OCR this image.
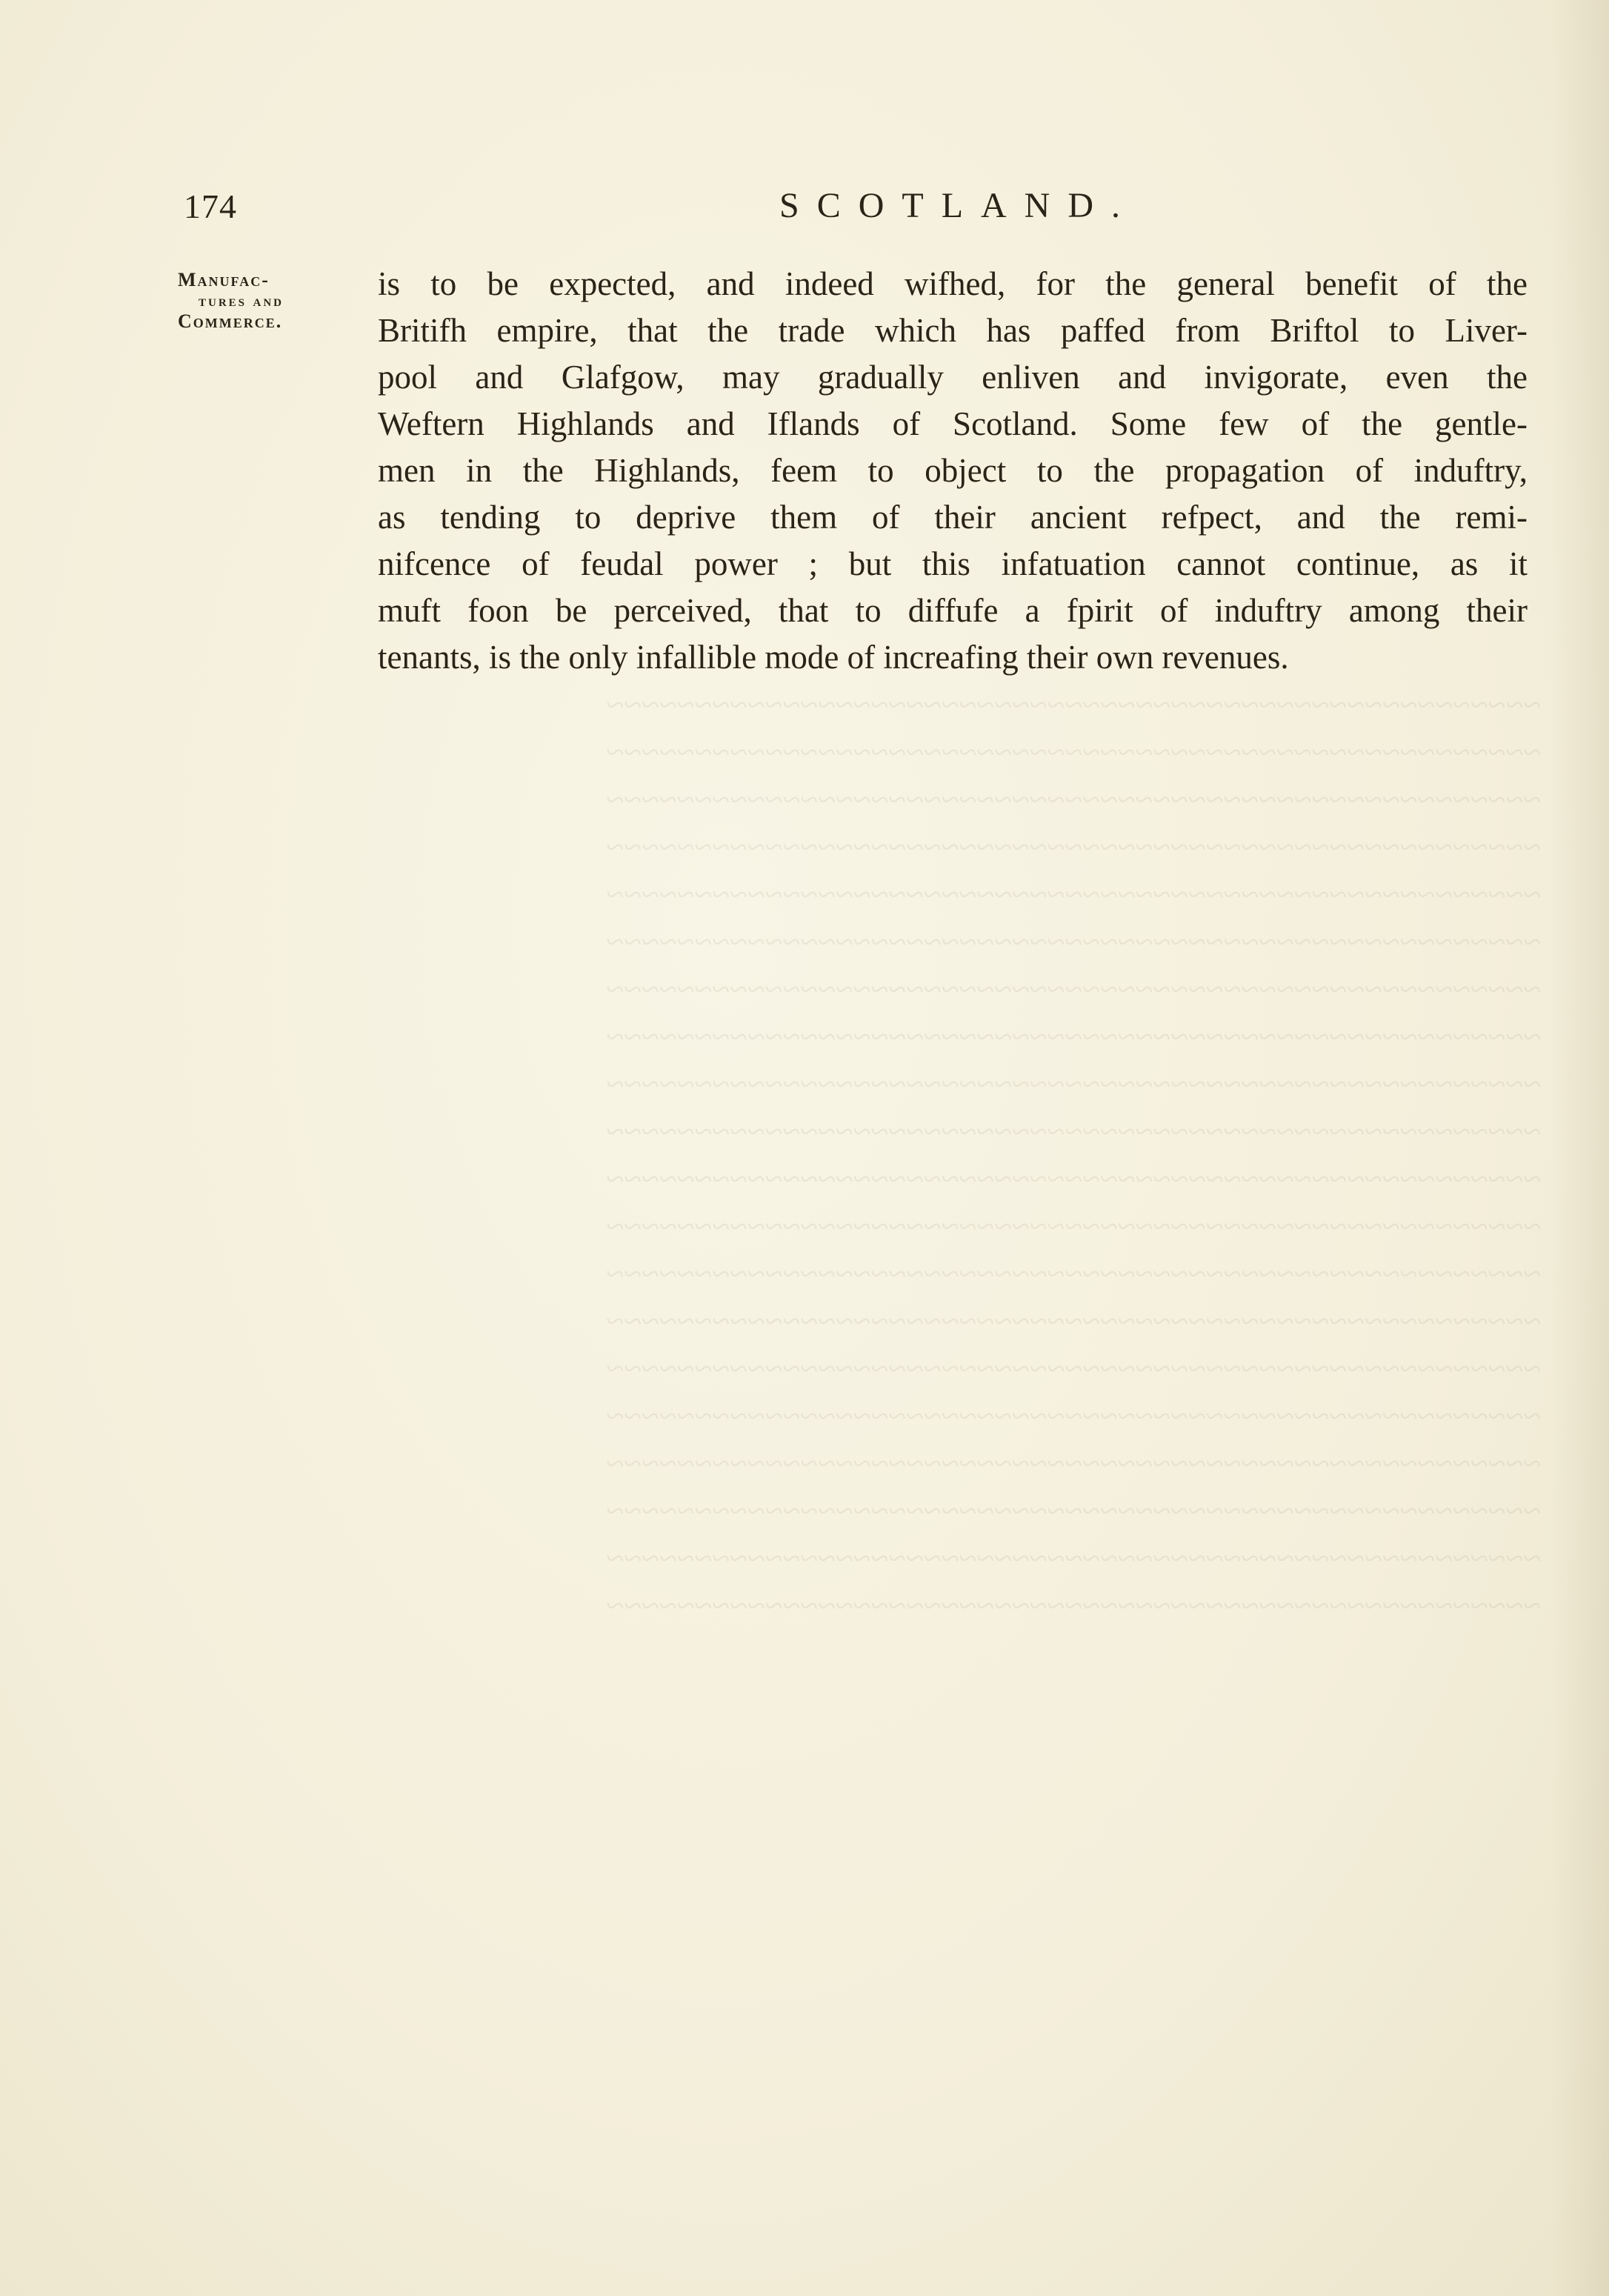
174	SCOTLAND.
Manufac-
tures and
Commerce.
is to be expected, and indeed wifhed, for the general benefit of the
Britifh empire, that the trade which has paffed from Briftol to Liver-
pool and Glafgow, may gradually enliven and invigorate, even the
Weftern Highlands and Iflands of Scotland. Some few of the gentle-
men in the Highlands, feem to object to the propagation of induftry,
as tending to deprive them of their ancient refpect, and the remi-
nifcence of feudal power ; but this infatuation cannot continue, as it
muft foon be perceived, that to diffufe a fpirit of induftry among their
tenants, is the only infallible mode of increafing their own revenues.
~~~~~~~~~~~~~~~~~~~~~~~~~~~~~~~~~~~~~~~~~~~~~~~~~~~~~
~~~~~~~~~~~~~~~~~~~~~~~~~~~~~~~~~~~~~~~~~~~~~~~~~~~~~
~~~~~~~~~~~~~~~~~~~~~~~~~~~~~~~~~~~~~~~~~~~~~~~~~~~~~
~~~~~~~~~~~~~~~~~~~~~~~~~~~~~~~~~~~~~~~~~~~~~~~~~~~~~
~~~~~~~~~~~~~~~~~~~~~~~~~~~~~~~~~~~~~~~~~~~~~~~~~~~~~
~~~~~~~~~~~~~~~~~~~~~~~~~~~~~~~~~~~~~~~~~~~~~~~~~~~~~
~~~~~~~~~~~~~~~~~~~~~~~~~~~~~~~~~~~~~~~~~~~~~~~~~~~~~
~~~~~~~~~~~~~~~~~~~~~~~~~~~~~~~~~~~~~~~~~~~~~~~~~~~~~
~~~~~~~~~~~~~~~~~~~~~~~~~~~~~~~~~~~~~~~~~~~~~~~~~~~~~
~~~~~~~~~~~~~~~~~~~~~~~~~~~~~~~~~~~~~~~~~~~~~~~~~~~~~
~~~~~~~~~~~~~~~~~~~~~~~~~~~~~~~~~~~~~~~~~~~~~~~~~~~~~
~~~~~~~~~~~~~~~~~~~~~~~~~~~~~~~~~~~~~~~~~~~~~~~~~~~~~
~~~~~~~~~~~~~~~~~~~~~~~~~~~~~~~~~~~~~~~~~~~~~~~~~~~~~
~~~~~~~~~~~~~~~~~~~~~~~~~~~~~~~~~~~~~~~~~~~~~~~~~~~~~
~~~~~~~~~~~~~~~~~~~~~~~~~~~~~~~~~~~~~~~~~~~~~~~~~~~~~
~~~~~~~~~~~~~~~~~~~~~~~~~~~~~~~~~~~~~~~~~~~~~~~~~~~~~
~~~~~~~~~~~~~~~~~~~~~~~~~~~~~~~~~~~~~~~~~~~~~~~~~~~~~
~~~~~~~~~~~~~~~~~~~~~~~~~~~~~~~~~~~~~~~~~~~~~~~~~~~~~
~~~~~~~~~~~~~~~~~~~~~~~~~~~~~~~~~~~~~~~~~~~~~~~~~~~~~
~~~~~~~~~~~~~~~~~~~~~~~~~~~~~~~~~~~~~~~~~~~~~~~~~~~~~
